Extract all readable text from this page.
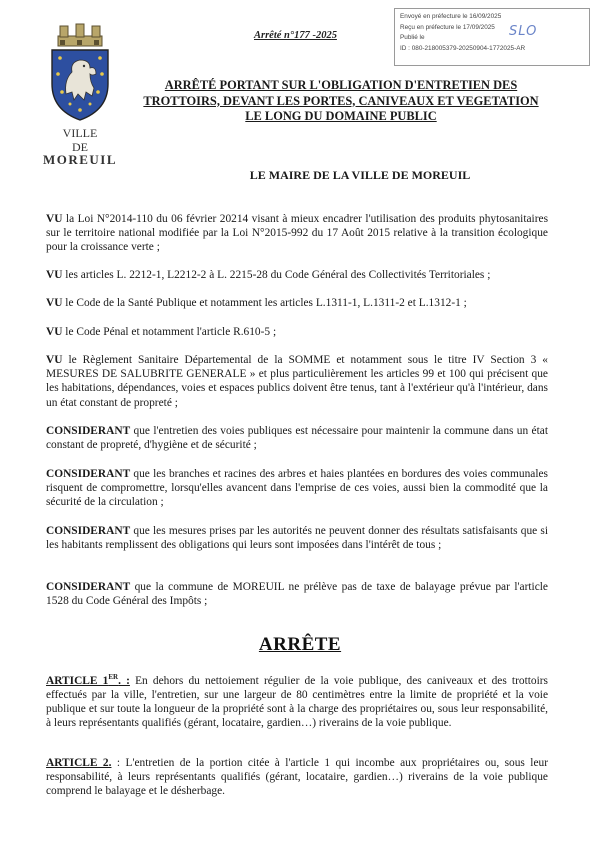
Envoyé en préfecture le 16/09/2025
Reçu en préfecture le 17/09/2025
Publié le
ID : 080-218005379-20250904-1772025-AR
SLO
VILLE
DE
MOREUIL
Arrêté n°177 -2025
ARRÊTÉ PORTANT SUR L'OBLIGATION D'ENTRETIEN DES TROTTOIRS, DEVANT LES PORTES, CANIVEAUX ET VEGETATION LE LONG DU DOMAINE PUBLIC
LE MAIRE DE LA VILLE DE MOREUIL

VU la Loi N°2014-110 du 06 février 20214 visant à mieux encadrer l'utilisation des produits phytosanitaires sur le territoire national modifiée par la Loi N°2015-992 du 17 Août 2015 relative à la transition écologique pour la croissance verte ;

VU les articles L. 2212-1, L2212-2 à L. 2215-28 du Code Général des Collectivités Territoriales ;

VU le Code de la Santé Publique et notamment les articles L.1311-1, L.1311-2 et L.1312-1 ;

VU le Code Pénal et notamment l'article R.610-5 ;

VU le Règlement Sanitaire Départemental de la SOMME et notamment sous le titre IV Section 3 « MESURES DE SALUBRITE GENERALE » et plus particulièrement les articles 99 et 100 qui précisent que les habitations, dépendances, voies et espaces publics doivent être tenus, tant à l'extérieur qu'à l'intérieur, dans un état constant de propreté ;

CONSIDERANT que l'entretien des voies publiques est nécessaire pour maintenir la commune dans un état constant de propreté, d'hygiène et de sécurité ;

CONSIDERANT que les branches et racines des arbres et haies plantées en bordures des voies communales risquent de compromettre, lorsqu'elles avancent dans l'emprise de ces voies, aussi bien la commodité que la sécurité de la circulation ;

CONSIDERANT que les mesures prises par les autorités ne peuvent donner des résultats satisfaisants que si les habitants remplissent des obligations qui leurs sont imposées dans l'intérêt de tous ;

CONSIDERANT que la commune de MOREUIL ne prélève pas de taxe de balayage prévue par l'article 1528 du Code Général des Impôts ;

ARRÊTE

ARTICLE 1ER. : En dehors du nettoiement régulier de la voie publique, des caniveaux et des trottoirs effectués par la ville, l'entretien, sur une largeur de 80 centimètres entre la limite de propriété et la voie publique et sur toute la longueur de la propriété sont à la charge des propriétaires ou, sous leur responsabilité, à leurs représentants qualifiés (gérant, locataire, gardien…) riverains de la voie publique.

ARTICLE 2. : L'entretien de la portion citée à l'article 1 qui incombe aux propriétaires ou, sous leur responsabilité, à leurs représentants qualifiés (gérant, locataire, gardien…) riverains de la voie publique comprend le balayage et le désherbage.
